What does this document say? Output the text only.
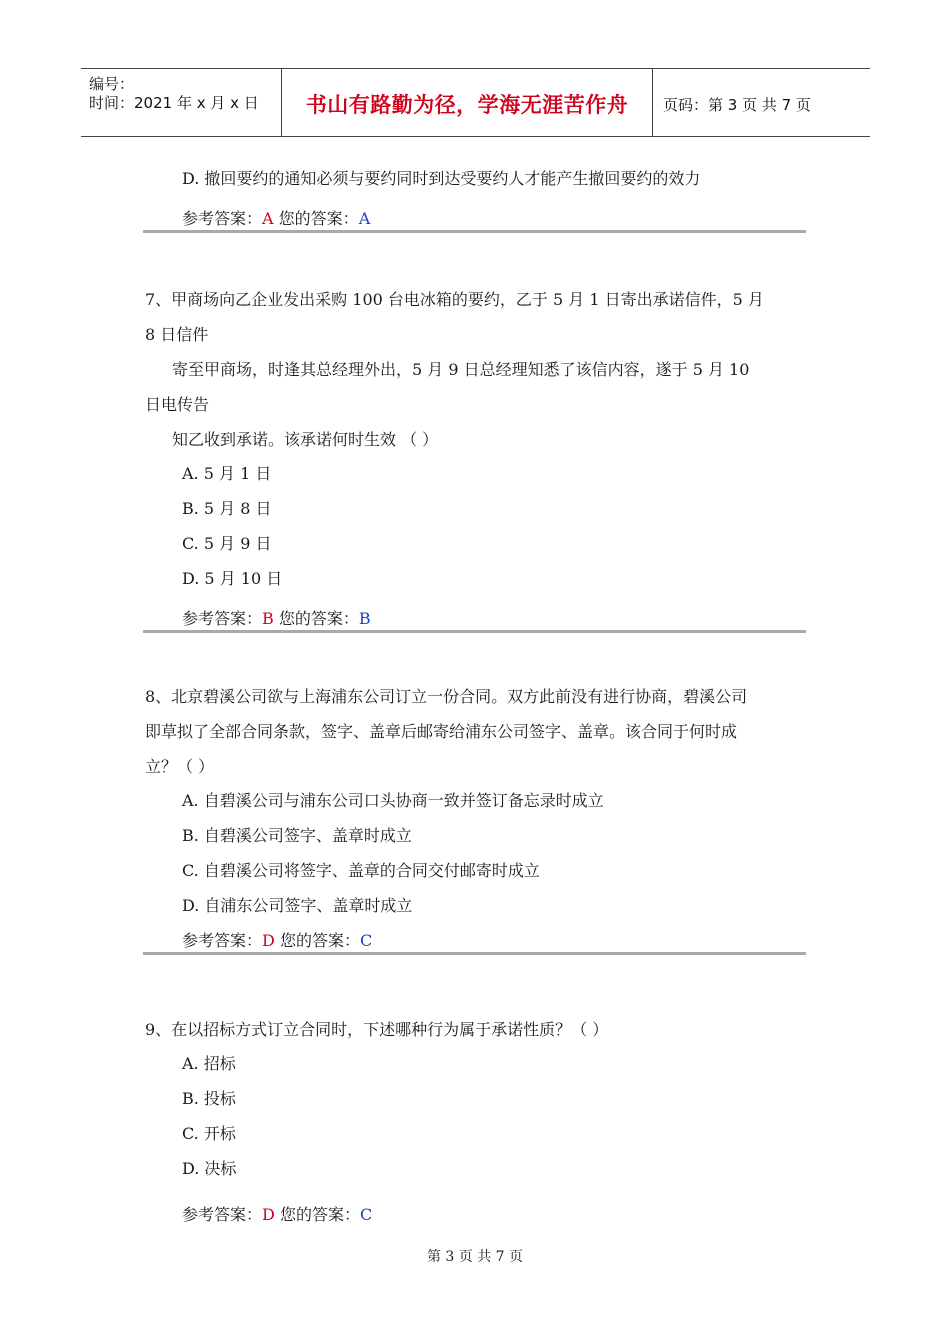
编号：
时间：2021 年 x 月 x 日	书山有路勤为径，学海无涯苦作舟	页码：第 3 页 共 7 页
D. 撤回要约的通知必须与要约同时到达受要约人才能产生撤回要约的效力
参考答案：A 您的答案：A
7、甲商场向乙企业发出采购 100 台电冰箱的要约，乙于 5 月 1 日寄出承诺信件，5 月
8 日信件
寄至甲商场，时逢其总经理外出，5 月 9 日总经理知悉了该信内容，遂于 5 月 10
日电传告
知乙收到承诺。该承诺何时生效 （ ）
A. 5 月 1 日
B. 5 月 8 日
C. 5 月 9 日
D. 5 月 10 日
参考答案：B 您的答案：B
8、北京碧溪公司欲与上海浦东公司订立一份合同。双方此前没有进行协商，碧溪公司
即草拟了全部合同条款，签字、盖章后邮寄给浦东公司签字、盖章。该合同于何时成
立？（ ）
A. 自碧溪公司与浦东公司口头协商一致并签订备忘录时成立
B. 自碧溪公司签字、盖章时成立
C. 自碧溪公司将签字、盖章的合同交付邮寄时成立
D. 自浦东公司签字、盖章时成立
参考答案：D 您的答案：C
9、在以招标方式订立合同时，下述哪种行为属于承诺性质？（ ）
A. 招标
B. 投标
C. 开标
D. 决标
参考答案：D 您的答案：C
第 3 页 共 7 页
